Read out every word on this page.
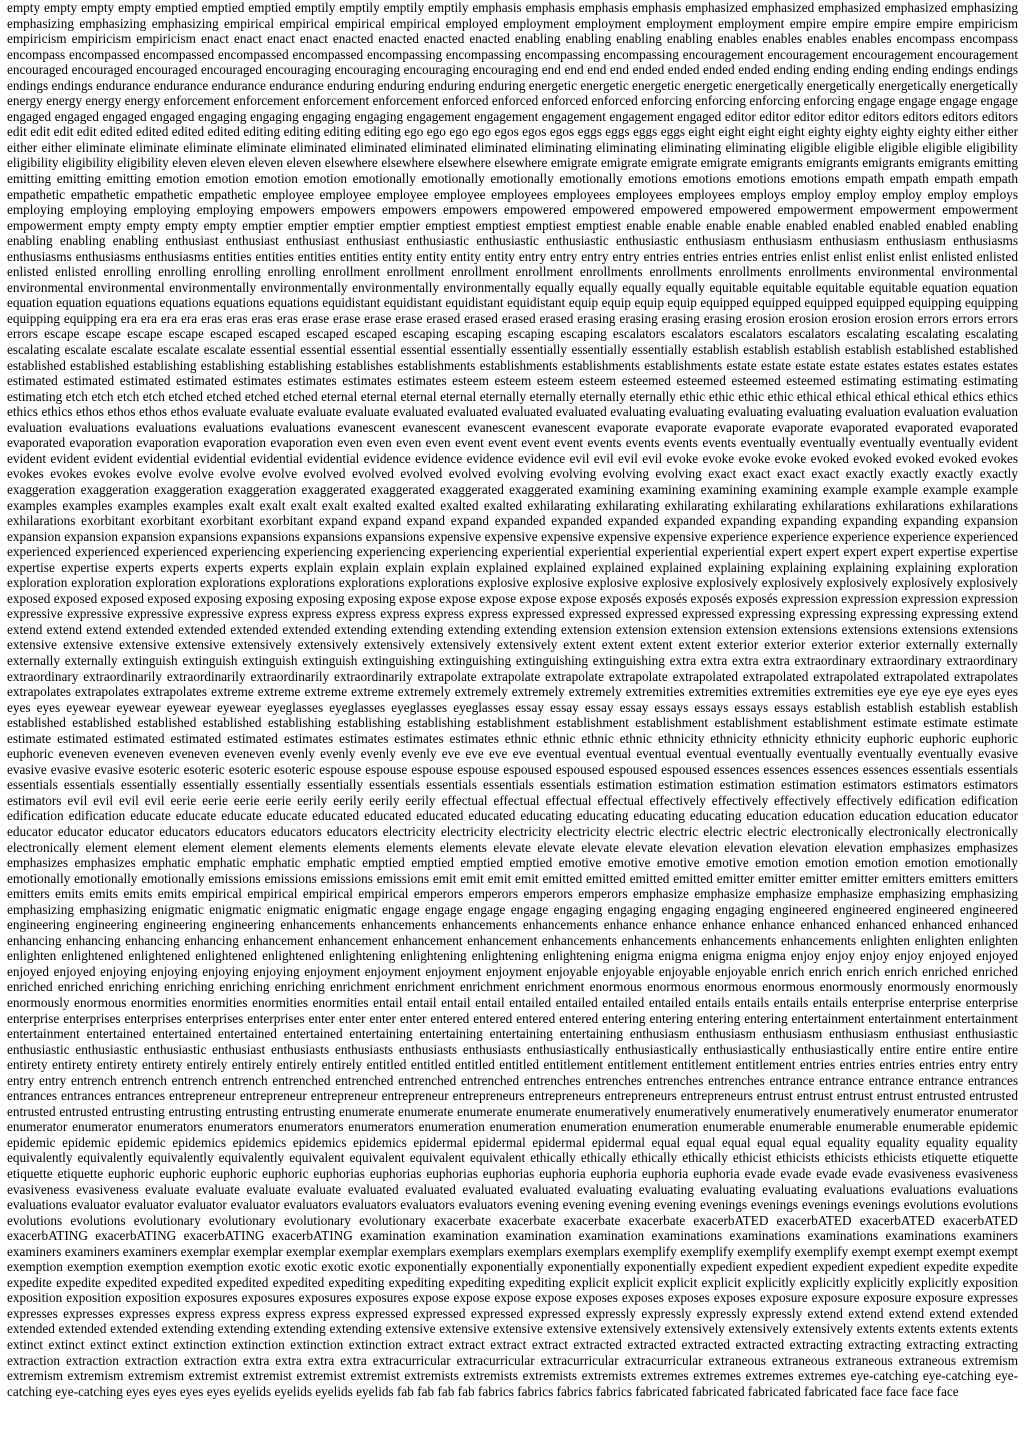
empty empty empty empty emptied emptied emptied emptily emptily emptily emptily emphasis emphasis emphasis emphasis emphasized emphasized emphasized emphasized emphasizing emphasizing emphasizing emphasizing empirical empirical empirical empirical employed employment employment employment employment empire empire empire empire empiricism empiricism empiricism empiricism enact enact enact enact enacted enacted enacted enacted enabling enabling enabling enabling enables enables enables enables encompass encompass encompass encompassed encompassed encompassed encompassed encompassing encompassing encompassing encompassing encouragement encouragement encouragement encouragement encouraged encouraged encouraged encouraged encouraging encouraging encouraging encouraging end end end end ended ended ended ended ending ending ending ending endings endings endings endings endurance endurance endurance endurance enduring enduring enduring enduring energetic energetic energetic energetic energetically energetically energetically energetically energy energy energy energy enforcement enforcement enforcement enforcement enforced enforced enforced enforced enforcing enforcing enforcing enforcing engage engage engage engage engaged engaged engaged engaged engaging engaging engaging engaging engagement engagement engagement engagement engaged editor editor editor editor editors editors editors editors edit edit edit edit edited edited edited edited editing editing editing editing ego ego ego ego egos egos egos eggs eggs eggs eggs eight eight eight eight eighty eighty eighty eighty either either either either eliminate eliminate eliminate eliminate eliminated eliminated eliminated eliminated eliminating eliminating eliminating eliminating eligible eligible eligible eligible eligibility eligibility eligibility eligibility eleven eleven eleven eleven elsewhere elsewhere elsewhere elsewhere emigrate emigrate emigrate emigrate emigrants emigrants emigrants emigrants emitting emitting emitting emitting emotion emotion emotion emotion emotionally emotionally emotionally emotionally emotions emotions emotions emotions empath empath empath empath empathetic empathetic empathetic empathetic employee employee employee employee employees employees employees employees employs employ employ employ employ employs employing employing employing employing empowers empowers empowers empowers empowered empowered empowered empowered empowerment empowerment empowerment empowerment empty empty empty empty emptier emptier emptier emptier emptiest emptiest emptiest emptiest enable enable enable enable enabled enabled enabled enabled enabling enabling enabling enabling enthusiast enthusiast enthusiast enthusiast enthusiastic enthusiastic enthusiastic enthusiastic enthusiasm enthusiasm enthusiasm enthusiasm enthusiasms enthusiasms enthusiasms enthusiasms entities entities entities entities entity entity entity entity entry entry entry entry entries entries entries entries enlist enlist enlist enlist enlisted enlisted enlisted enlisted enrolling enrolling enrolling enrolling enrollment enrollment enrollment enrollment enrollments enrollments enrollments enrollments environmental environmental environmental environmental environmentally environmentally environmentally environmentally equally equally equally equally equitable equitable equitable equitable equation equation equation equation equations equations equations equations equidistant equidistant equidistant equidistant equip equip equip equip equipped equipped equipped equipped equipping equipping equipping equipping era era era era eras eras eras eras erase erase erase erase erased erased erased erased erasing erasing erasing erasing erosion erosion erosion erosion errors errors errors errors escape escape escape escape escaped escaped escaped escaped escaping escaping escaping escaping escalators escalators escalators escalators escalating escalating escalating escalating escalate escalate escalate escalate essential essential essential essential essentially essentially essentially essentially establish establish establish establish established established established established establishing establishing establishing establishes establishments establishments establishments establishments estate estate estate estate estates estates estates estates estimated estimated estimated estimated estimates estimates estimates estimates esteem esteem esteem esteem esteemed esteemed esteemed esteemed estimating estimating estimating estimating etch etch etch etch etched etched etched etched eternal eternal eternal eternal eternally eternally eternally eternally ethic ethic ethic ethic ethical ethical ethical ethical ethics ethics ethics ethics ethos ethos ethos ethos evaluate evaluate evaluate evaluate evaluated evaluated evaluated evaluated evaluating evaluating evaluating evaluating evaluation evaluation evaluation evaluation evaluations evaluations evaluations evaluations evanescent evanescent evanescent evanescent evaporate evaporate evaporate evaporate evaporated evaporated evaporated evaporated evaporation evaporation evaporation evaporation even even even even event event event event events events events events eventually eventually eventually eventually evident evident evident evident evidential evidential evidential evidential evidence evidence evidence evidence evil evil evil evil evoke evoke evoke evoke evoked evoked evoked evoked evokes evokes evokes evokes evolve evolve evolve evolve evolved evolved evolved evolved evolving evolving evolving evolving exact exact exact exact exactly exactly exactly exactly exaggeration exaggeration exaggeration exaggeration exaggerated exaggerated exaggerated exaggerated examining examining examining examining example example example example examples examples examples examples exalt exalt exalt exalt exalted exalted exalted exalted exhilarating exhilarating exhilarating exhilarating exhilarations exhilarations exhilarations exhilarations exorbitant exorbitant exorbitant exorbitant expand expand expand expand expanded expanded expanded expanded expanding expanding expanding expanding expansion expansion expansion expansion expansions expansions expansions expansions expensive expensive expensive expensive expensive experience experience experience experience experienced experienced experienced experienced experiencing experiencing experiencing experiencing experiential experiential experiential experiential expert expert expert expert expertise expertise expertise expertise experts experts experts experts explain explain explain explain explained explained explained explained explaining explaining explaining explaining exploration exploration exploration exploration explorations explorations explorations explorations explosive explosive explosive explosive explosively explosively explosively explosively explosively exposed exposed exposed exposed exposing exposing exposing exposing expose expose expose expose expose exposés exposés exposés exposés expression expression expression expression expressive expressive expressive expressive express express express express express express expressed expressed expressed expressed expressing expressing expressing expressing extend extend extend extend extended extended extended extended extending extending extending extending extension extension extension extension extensions extensions extensions extensions extensive extensive extensive extensive extensively extensively extensively extensively extensively extent extent extent extent exterior exterior exterior exterior externally externally externally externally extinguish extinguish extinguish extinguish extinguishing extinguishing extinguishing extinguishing extra extra extra extra extraordinary extraordinary extraordinary extraordinary extraordinarily extraordinarily extraordinarily extraordinarily extrapolate extrapolate extrapolate extrapolate extrapolated extrapolated extrapolated extrapolated extrapolates extrapolates extrapolates extrapolates extreme extreme extreme extreme extremely extremely extremely extremely extremities extremities extremities extremities eye eye eye eye eyes eyes eyes eyes eyewear eyewear eyewear eyewear eyeglasses eyeglasses eyeglasses eyeglasses essay essay essay essay essays essays essays essays establish establish establish establish established established established established establishing establishing establishing establishment establishment establishment establishment establishment estimate estimate estimate estimate estimated estimated estimated estimated estimates estimates estimates estimates ethnic ethnic ethnic ethnic ethnicity ethnicity ethnicity ethnicity euphoric euphoric euphoric euphoric eveneven eveneven eveneven eveneven evenly evenly evenly evenly eve eve eve eve eventual eventual eventual eventual eventually eventually eventually eventually evasive evasive evasive evasive esoteric esoteric esoteric esoteric espouse espouse espouse espouse espoused espoused espoused espoused essences essences essences essences essentials essentials essentials essentials essentially essentially essentially essentially essentials essentials essentials essentials estimation estimation estimation estimation estimators estimators estimators estimators evil evil evil evil eerie eerie eerie eerie eerily eerily eerily eerily effectual effectual effectual effectual effectively effectively effectively effectively edification edification edification edification educate educate educate educate educated educated educated educated educating educating educating educating education education education education educator educator educator educator educators educators educators educators electricity electricity electricity electricity electric electric electric electric electronically electronically electronically electronically element element element element elements elements elements elements elevate elevate elevate elevate elevation elevation elevation elevation emphasizes emphasizes emphasizes emphasizes emphatic emphatic emphatic emphatic emptied emptied emptied emptied emotive emotive emotive emotive emotion emotion emotion emotion emotionally emotionally emotionally emotionally emissions emissions emissions emissions emit emit emit emit emitted emitted emitted emitted emitter emitter emitter emitter emitters emitters emitters emitters emits emits emits emits empirical empirical empirical empirical emperors emperors emperors emperors emphasize emphasize emphasize emphasize emphasizing emphasizing emphasizing emphasizing enigmatic enigmatic enigmatic enigmatic engage engage engage engage engaging engaging engaging engaging engineered engineered engineered engineered engineering engineering engineering engineering enhancements enhancements enhancements enhancements enhance enhance enhance enhance enhanced enhanced enhanced enhanced enhancing enhancing enhancing enhancing enhancement enhancement enhancement enhancement enhancements enhancements enhancements enhancements enlighten enlighten enlighten enlighten enlightened enlightened enlightened enlightened enlightening enlightening enlightening enlightening enigma enigma enigma enigma enjoy enjoy enjoy enjoy enjoyed enjoyed enjoyed enjoyed enjoying enjoying enjoying enjoying enjoyment enjoyment enjoyment enjoyment enjoyable enjoyable enjoyable enjoyable enrich enrich enrich enrich enriched enriched enriched enriched enriching enriching enriching enriching enrichment enrichment enrichment enrichment enormous enormous enormous enormous enormously enormously enormously enormously enormous enormities enormities enormities enormities entail entail entail entail entailed entailed entailed entailed entails entails entails entails enterprise enterprise enterprise enterprise enterprises enterprises enterprises enterprises enter enter enter enter entered entered entered entered entering entering entering entering entertainment entertainment entertainment entertainment entertained entertained entertained entertained entertaining entertaining entertaining entertaining enthusiasm enthusiasm enthusiasm enthusiasm enthusiast enthusiastic enthusiastic enthusiastic enthusiastic enthusiast enthusiasts enthusiasts enthusiasts enthusiasts enthusiastically enthusiastically enthusiastically enthusiastically entire entire entire entire entirety entirety entirety entirety entirely entirely entirely entirely entitled entitled entitled entitled entitlement entitlement entitlement entitlement entries entries entries entries entry entry entry entry entrench entrench entrench entrench entrenched entrenched entrenched entrenched entrenches entrenches entrenches entrenches entrance entrance entrance entrance entrances entrances entrances entrances entrepreneur entrepreneur entrepreneur entrepreneur entrepreneurs entrepreneurs entrepreneurs entrepreneurs entrust entrust entrust entrust entrusted entrusted entrusted entrusted entrusting entrusting entrusting entrusting enumerate enumerate enumerate enumerate enumeratively enumeratively enumeratively enumeratively enumerator enumerator enumerator enumerator enumerators enumerators enumerators enumerators enumeration enumeration enumeration enumeration enumerable enumerable enumerable enumerable epidemic epidemic epidemic epidemic epidemics epidemics epidemics epidemics epidermal epidermal epidermal epidermal equal equal equal equal equal equality equality equality equality equivalently equivalently equivalently equivalently equivalent equivalent equivalent equivalent ethically ethically ethically ethically ethicist ethicists ethicists ethicists etiquette etiquette etiquette etiquette euphoric euphoric euphoric euphoric euphorias euphorias euphorias euphorias euphoria euphoria euphoria euphoria evade evade evade evade evasiveness evasiveness evasiveness evasiveness evaluate evaluate evaluate evaluate evaluated evaluated evaluated evaluated evaluating evaluating evaluating evaluating evaluations evaluations evaluations evaluations evaluator evaluator evaluator evaluator evaluators evaluators evaluators evaluators evening evening evening evening evenings evenings evenings evenings evolutions evolutions evolutions evolutions evolutionary evolutionary evolutionary evolutionary exacerbate exacerbate exacerbate exacerbate exacerbATED exacerbATED exacerbATED exacerbATED exacerbATING exacerbATING exacerbATING exacerbATING examination examination examination examination examinations examinations examinations examinations examiners examiners examiners examiners exemplar exemplar exemplar exemplar exemplars exemplars exemplars exemplars exemplify exemplify exemplify exemplify exempt exempt exempt exempt exemption exemption exemption exemption exotic exotic exotic exotic exponentially exponentially exponentially exponentially expedient expedient expedient expedient expedite expedite expedite expedite expedited expedited expedited expedited expediting expediting expediting expediting explicit explicit explicit explicit explicitly explicitly explicitly explicitly exposition exposition exposition exposition exposures exposures exposures exposures expose expose expose expose exposes exposes exposes exposes exposure exposure exposure exposure expresses expresses expresses expresses express express express express expressed expressed expressed expressed expressly expressly expressly expressly extend extend extend extend extended extended extended extended extending extending extending extending extensive extensive extensive extensive extensively extensively extensively extensively extents extents extents extents extinct extinct extinct extinct extinction extinction extinction extinction extract extract extract extract extracted extracted extracted extracted extracting extracting extracting extracting extraction extraction extraction extraction extra extra extra extra extracurricular extracurricular extracurricular extracurricular extraneous extraneous extraneous extraneous extremism extremism extremism extremism extremist extremist extremist extremist extremists extremists extremists extremists extremes extremes extremes extremes eye-catching eye-catching eye-catching eye-catching eyes eyes eyes eyes eyelids eyelids eyelids eyelids fab fab fab fab fabrics fabrics fabrics fabrics fabricated fabricated fabricated fabricated face face face face
